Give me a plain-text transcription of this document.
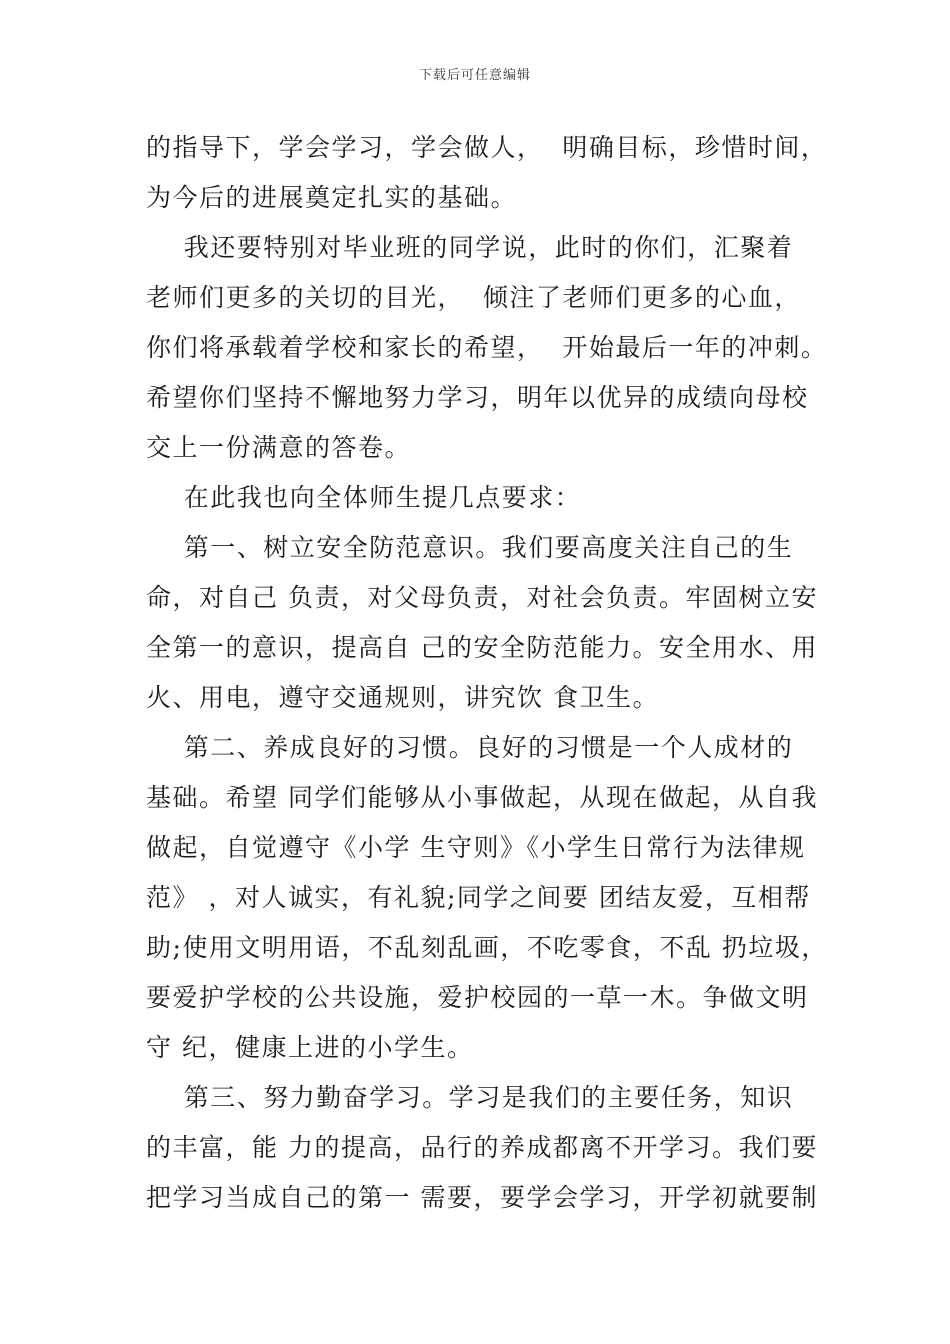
下载后可任意编辑
的指导下，学会学习，学会做人，  明确目标，珍惜时间，
为今后的进展奠定扎实的基础。
我还要特别对毕业班的同学说，此时的你们，汇聚着
老师们更多的关切的目光，  倾注了老师们更多的心血，
你们将承载着学校和家长的希望，  开始最后一年的冲刺。
希望你们坚持不懈地努力学习，明年以优异的成绩向母校
交上一份满意的答卷。
在此我也向全体师生提几点要求：
第一、树立安全防范意识。我们要高度关注自己的生
命，对自己 负责，对父母负责，对社会负责。牢固树立安
全第一的意识，提高自 己的安全防范能力。安全用水、用
火、用电，遵守交通规则，讲究饮 食卫生。
第二、养成良好的习惯。良好的习惯是一个人成材的
基础。希望 同学们能够从小事做起，从现在做起，从自我
做起，自觉遵守《小学 生守则》《小学生日常行为法律规
范》 ，对人诚实，有礼貌;同学之间要 团结友爱，互相帮
助;使用文明用语，不乱刻乱画，不吃零食，不乱 扔垃圾，
要爱护学校的公共设施，爱护校园的一草一木。争做文明
守 纪，健康上进的小学生。
第三、努力勤奋学习。学习是我们的主要任务，知识
的丰富，能 力的提高，品行的养成都离不开学习。我们要
把学习当成自己的第一 需要，要学会学习，开学初就要制
